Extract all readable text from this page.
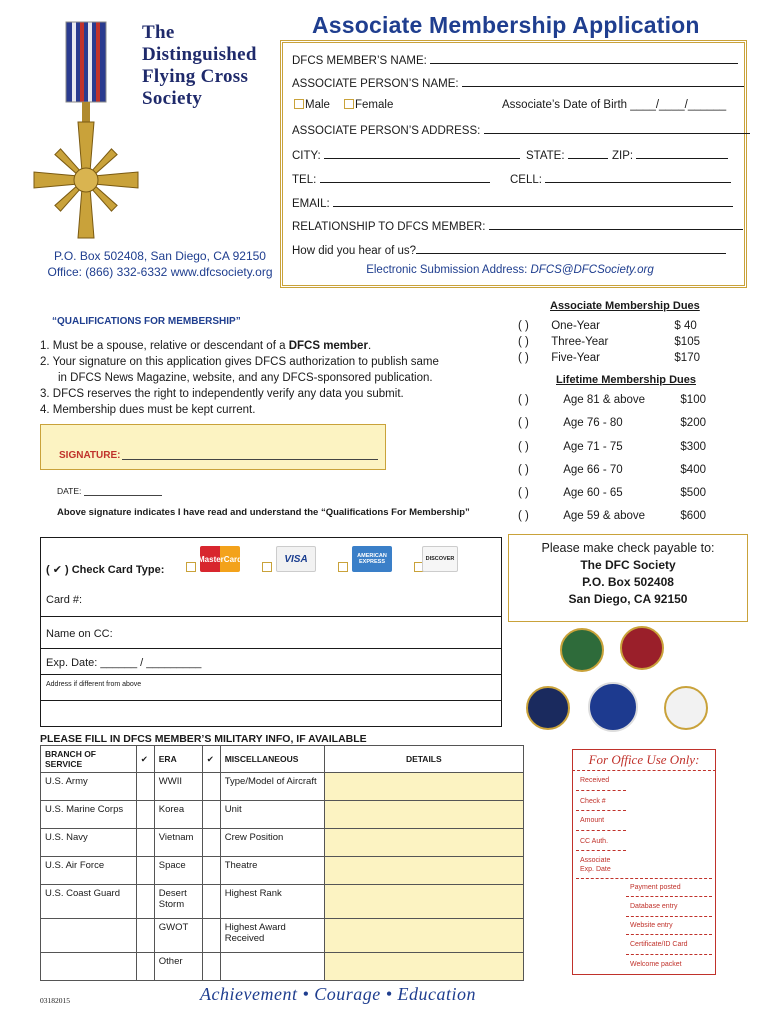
The
Distinguished
Flying Cross
Society
P.O. Box 502408, San Diego, CA 92150
Office: (866) 332-6332 www.dfcsociety.org
Associate Membership Application
DFCS MEMBER’S NAME:
ASSOCIATE PERSON’S NAME:
Male	Female	Associate’s Date of Birth ____/____/______
ASSOCIATE PERSON’S ADDRESS:
CITY:	STATE:	ZIP:
TEL:	CELL:
EMAIL:
RELATIONSHIP TO DFCS MEMBER:
How did you hear of us?
Electronic Submission Address: DFCS@DFCSociety.org
“QUALIFICATIONS FOR MEMBERSHIP”
1. Must be a spouse, relative or descendant of a DFCS member.
2. Your signature on this application gives DFCS authorization to publish same
in DFCS News Magazine, website, and any DFCS-sponsored publication.
3. DFCS reserves the right to independently verify any data you submit.
4. Membership dues must be kept current.
SIGNATURE:
DATE:
Above signature indicates I have read and understand the “Qualifications For Membership”
Associate Membership Dues
( ) One-Year	$ 40
( ) Three-Year	$105
( ) Five-Year	$170
Lifetime Membership Dues
( )	Age 81 & above	$100
( )	Age 76 - 80	$200
( )	Age 71 - 75	$300
( )	Age 66 - 70	$400
( )	Age 60 - 65	$500
( )	Age 59 & above	$600
Please make check payable to:
The DFC Society
P.O. Box 502408
San Diego, CA 92150
( ✔ ) Check Card Type:
MasterCard	VISA	AMERICAN EXPRESS	DISCOVER
Card #:
Name on CC:
Exp. Date: ______ / _________
Address if different from above
PLEASE FILL IN DFCS MEMBER’S MILITARY INFO, IF AVAILABLE
BRANCH OF SERVICE	✔	ERA	✔	MISCELLANEOUS	DETAILS
U.S. Army		WWII		Type/Model of Aircraft	
U.S. Marine Corps		Korea		Unit	
U.S. Navy		Vietnam		Crew Position	
U.S. Air Force		Space		Theatre	
U.S. Coast Guard		Desert Storm		Highest Rank	
		GWOT		Highest Award Received	
		Other			
For Office Use Only:
Received
Check #
Amount
CC Auth.
Associate Exp. Date
Payment posted
Database entry
Website entry
Certificate/ID Card
Welcome packet
03182015	Achievement • Courage • Education
